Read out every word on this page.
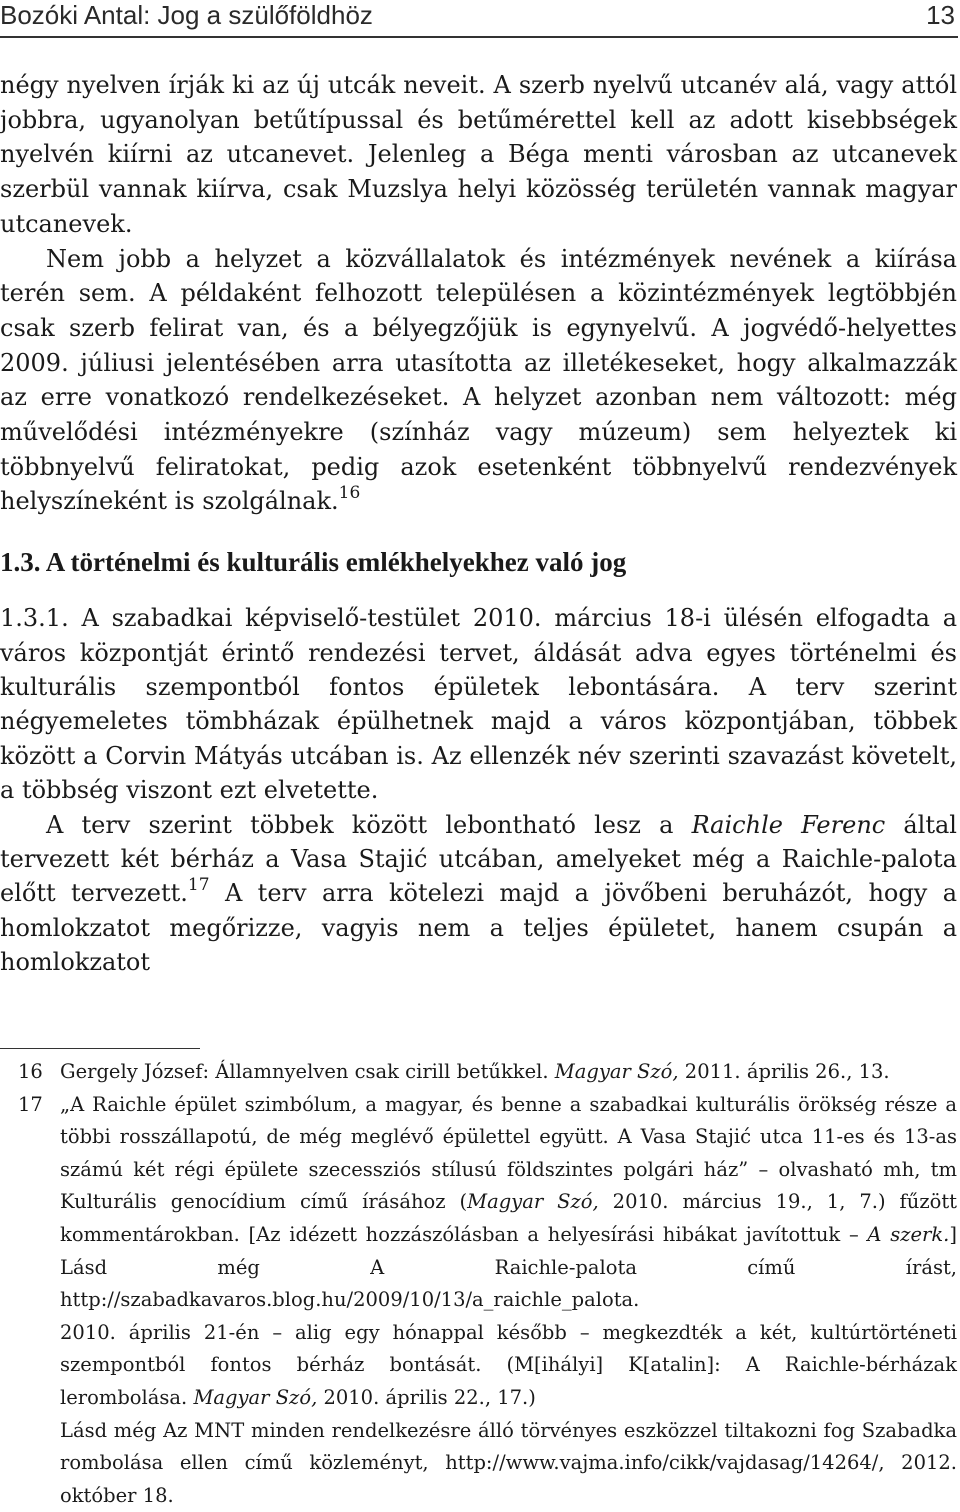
Bozóki Antal: Jog a szülőföldhöz	13

négy nyelven írják ki az új utcák neveit. A szerb nyelvű utcanév alá, vagy attól jobbra, ugyanolyan betűtípussal és betűmérettel kell az adott kisebbségek nyelvén kiírni az utcanevet. Jelenleg a Béga menti városban az utcanevek szerbül vannak kiírva, csak Muzslya helyi közösség területén vannak magyar utcanevek.

Nem jobb a helyzet a közvállalatok és intézmények nevének a kiírása terén sem. A példaként felhozott településen a közintézmények legtöbbjén csak szerb felirat van, és a bélyegzőjük is egynyelvű. A jogvédő-helyettes 2009. júliusi jelentésében arra utasította az illetékeseket, hogy alkalmazzák az erre vonatkozó rendelkezéseket. A helyzet azonban nem változott: még művelődési intézményekre (színház vagy múzeum) sem helyeztek ki többnyelvű feliratokat, pedig azok esetenként többnyelvű rendezvények helyszíneként is szolgálnak.$^{16}$

1.3. A történelmi és kulturális emlékhelyekhez való jog

1.3.1. A szabadkai képviselő-testület 2010. március 18-i ülésén elfogadta a város központját érintő rendezési tervet, áldását adva egyes történelmi és kulturális szempontból fontos épületek lebontására. A terv szerint négyemeletes tömbházak épülhetnek majd a város központjában, többek között a Corvin Mátyás utcában is. Az ellenzék név szerinti szavazást követelt, a többség viszont ezt elvetette.

A terv szerint többek között lebontható lesz a Raichle Ferenc által tervezett két bérház a Vasa Stajić utcában, amelyeket még a Raichle-palota előtt tervezett.$^{17}$ A terv arra kötelezi majd a jövőbeni beruházót, hogy a homlokzatot megőrizze, vagyis nem a teljes épületet, hanem csupán a homlokzatot

16 Gergely József: Államnyelven csak cirill betűkkel. Magyar Szó, 2011. április 26., 13.

17 „A Raichle épület szimbólum, a magyar, és benne a szabadkai kulturális örökség része a többi rosszállapotú, de még meglévő épülettel együtt. A Vasa Stajić utca 11-es és 13-as számú két régi épülete szecessziós stílusú földszintes polgári ház” – olvasható mh, tm Kulturális genocídium című írásához (Magyar Szó, 2010. március 19., 1, 7.) fűzött kommentárokban. [Az idézett hozzászólásban a helyesírási hibákat javítottuk – A szerk.] Lásd még A Raichle-palota című írást, http://szabadkavaros.blog.hu/2009/10/13/a_raichle_palota.

2010. április 21-én – alig egy hónappal később – megkezdték a két, kultúrtörténeti szempontból fontos bérház bontását. (M[ihályi] K[atalin]: A Raichle-bérházak lerombolása. Magyar Szó, 2010. április 22., 17.)

Lásd még Az MNT minden rendelkezésre álló törvényes eszközzel tiltakozni fog Szabadka rombolása ellen című közleményt, http://www.vajma.info/cikk/vajdasag/14264/, 2012. október 18.
